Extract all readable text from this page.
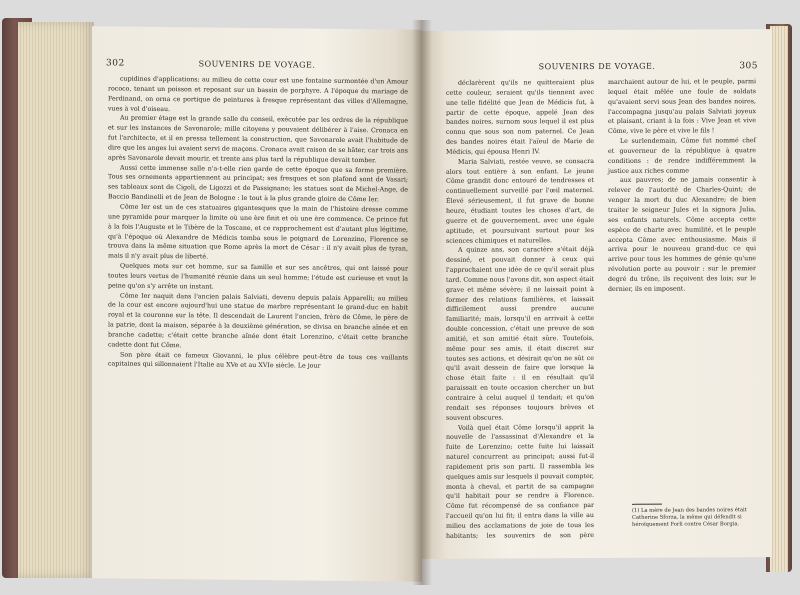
302	SOUVENIRS DE VOYAGE.

cupidines d'applications; au milieu de cette cour est une fontaine surmontée d'un Amour rococo, tenant un poisson et reposant sur un bassin de porphyre. A l'époque du mariage de Ferdinand, on orna ce portique de peintures à fresque représentant des villes d'Allemagne, vues à vol d'oiseau.

Au premier étage est la grande salle du conseil, exécutée par les ordres de la république et sur les instances de Savonarole; mille citoyens y pouvaient délibérer à l'aise. Cronaca en fut l'architecte, et il en pressa tellement la construction, que Savonarole avait l'habitude de dire que les anges lui avaient servi de maçons. Cronaca avait raison de se hâter, car trois ans après Savonarole devait mourir, et trente ans plus tard la république devait tomber.

Aussi cette immense salle n'a-t-elle rien garde de cette époque que sa forme première. Tous ses ornements appartiennent au principat; ses fresques et son plafond sont de Vasari; ses tableaux sont de Cigoli, de Ligozzi et de Passignano; les statues sont de Michel-Ange, de Baccio Bandinelli et de Jean de Bologne : le tout à la plus grande gloire de Côme Ier.

Côme Ier est un de ces statuaires gigantesques que la main de l'histoire dresse comme une pyramide pour marquer la limite où une ère finit et où une ère commence. Ce prince fut à la fois l'Auguste et le Tibère de la Toscane, et ce rapprochement est d'autant plus légitime, qu'à l'époque où Alexandre de Médicis tomba sous le poignard de Lorenzino, Florence se trouva dans la même situation que Rome après la mort de César : il n'y avait plus de tyran, mais il n'y avait plus de liberté.

Quelques mots sur cet homme, sur sa famille et sur ses ancêtres, qui ont laissé pour toutes leurs vertus de l'humanité réunie dans un seul homme; l'étude est curieuse et vaut la peine qu'on s'y arrête un instant.

Côme Ier naquit dans l'ancien palais Salviati, devenu depuis palais Apparelli; au milieu de la cour est encore aujourd'hui une statue de marbre représentant le grand-duc en habit royal et la couronne sur la tête. Il descendait de Laurent l'ancien, frère de Côme, le père de la patrie, dont la maison, séparée à la deuxième génération, se divisa en branche aînée et en branche cadette; c'était cette branche aînée dont était Lorenzino, c'était cette branche cadette dont fut Côme.

Son père était ce fameux Giovanni, le plus célèbre peut-être de tous ces vaillants capitaines qui sillonnaient l'Italie au XVe et au XVIe siècle. Le jour

SOUVENIRS DE VOYAGE.	305

déclarèrent qu'ils ne quitteraient plus cette couleur, seraient qu'ils tiennent avec une telle fidélité que Jean de Médicis fut, à partir de cette époque, appelé Jean des bandes noires, surnom sous lequel il est plus connu que sous son nom paternel. Ce Jean des bandes noires était l'aïeul de Marie de Médicis, qui épousa Henri IV.

Maria Salviati, restée veuve, se consacra alors tout entière à son enfant. Le jeune Côme grandit donc entouré de tendresses et continuellement surveillé par l'œil maternel. Élevé sérieusement, il fut grave de bonne heure, étudiant toutes les choses d'art, de guerre et de gouvernement, avec une égale aptitude, et poursuivant surtout pour les sciences chimiques et naturelles.

A quinze ans, son caractère s'était déjà dessiné, et pouvait donner à ceux qui l'approchaient une idée de ce qu'il serait plus tard. Comme nous l'avons dit, son aspect était grave et même sévère; il ne laissait point à former des relations familières, et laissait difficilement aussi prendre aucune familiarité; mais, lorsqu'il en arrivait à cette double concession, c'était une preuve de son amitié, et son amitié était sûre. Toutefois, même pour ses amis, il était discret sur toutes ses actions, et désirait qu'on ne sût ce qu'il avait dessein de faire que lorsque la chose était faite : il en résultait qu'il paraissait en toute occasion chercher un but contraire à celui auquel il tendait; et qu'on rendait ses réponses toujours brèves et souvent obscures.

Voilà quel était Côme lorsqu'il apprit la nouvelle de l'assassinat d'Alexandre et la fuite de Lorenzino; cette fuite lui laissait naturel concurrent au principat; aussi fut-il rapidement pris son parti. Il rassembla les quelques amis sur lesquels il pouvait compter, monta à cheval, et partit de sa campagne qu'il habitait pour se rendre à Florence. Côme fut récompensé de sa confiance par l'accueil qu'on lui fit; il entra dans la ville au milieu des acclamations de joie de tous les habitants; les souvenirs de son père marchaient autour de lui, et le peuple, parmi lequel était mêlée une foule de soldats qu'avaient servi sous Jean des bandes noires, l'accompagna jusqu'au palais Salviati joyeux et plaisant, criant à la fois : Vive Jean et vive Côme, vive le père et vive le fils !

Le surlendemain, Côme fut nommé chef et gouverneur de la république à quatre conditions : de rendre indifféremment la justice aux riches comme

aux pauvres; de ne jamais consentir à relever de l'autorité de Charles-Quint; de venger la mort du duc Alexandre; de bien traiter le seigneur Jules et la signora Julia, ses enfants naturels. Côme accepta cette espèce de charte avec humilité, et le peuple accepta Côme avec enthousiasme. Mais il arriva pour le nouveau grand-duc ce qui arrive pour tous les hommes de génie qu'une révolution porte au pouvoir : sur le premier degré du trône, ils reçoivent des lois; sur le dernier, ils en imposent.

(1) La mère de Jean des bandes noires était Catherine Sforza, la même qui défendit si héroïquement Forli contre César Borgia.
